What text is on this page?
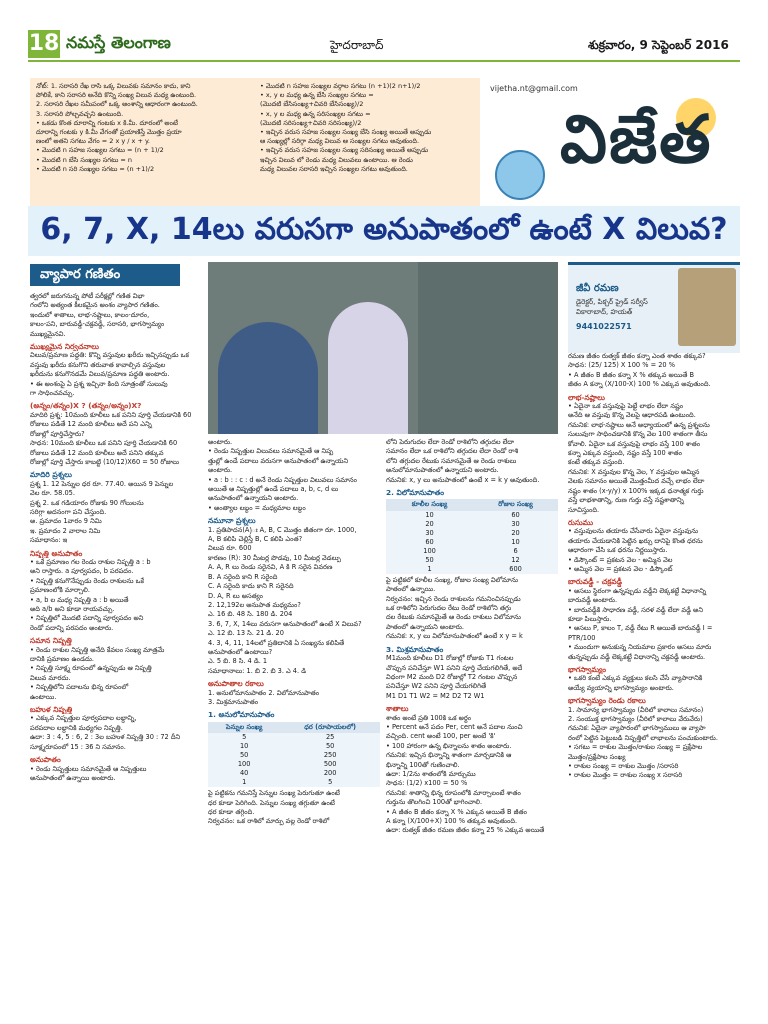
18 నమస్తే తెలంగాణ	హైదరాబాద్	శుక్రవారం, 9 సెప్టెంబర్ 2016
నోట్: 1. సరాసరి రేఖ రాసి ఒక్క విలువకు సమానం కాదు, కాని
పోలికే, కాని సరాసరి అనేది కొన్ని సంఖ్య విలువ మధ్య ఉంటుంది.
2. సరాసరి రేఖల సమీపంలో ఒక్క అంశాన్ని ఆధారంగా ఉంటుంది.
3. సరాసరి పోల్చవచ్చని ఉంటుంది.
• ఒకడు కొంత దూరాన్ని గంటకు x కి.మీ. దూరంలో అంటే
దూరాన్ని గంటకు y కి.మీ వేగంతో ప్రయాణిస్తే మొత్తం ప్రయా
ణంలో అతని సగటు వేగం = 2 x y / x + y.
• మొదటి n సహజ సంఖ్యల సగటు = (n + 1)/2
• మొదటి n బేసి సంఖ్యల సగటు = n
• మొదటి n సరి సంఖ్యల సగటు = (n +1)/2
• మొదటి n సహజ సంఖ్యల వర్గాల సగటు (n +1)(2 n+1)/2
• x, y ల మధ్య ఉన్న బేసి సంఖ్యల సగటు =
(మొదటి బేసిసంఖ్య+చివరి బేసిసంఖ్య)/2
• x, y ల మధ్య ఉన్న సరిసంఖ్యల సగటు =
(మొదటి సరిసంఖ్య+చివరి సరిసంఖ్య)/2
• ఇచ్చిన వరుస సహజ సంఖ్యల సంఖ్య బేసి సంఖ్య అయితే అప్పుడు
ఆ సంఖ్యల్లో సరిగ్గా మధ్య విలువ ఆ సంఖ్యల సగటు అవుతుంది.
• ఇచ్చిన వరుస సహజ సంఖ్యల సంఖ్య సరిసంఖ్య అయితే అప్పుడు
ఇచ్చిన విలువ లో రెండు మధ్య విలువలు ఉంటాయి. ఆ రెండు
మధ్య విలువల సరాసరి ఇచ్చిన సంఖ్యల సగటు అవుతుంది.
vijetha.nt@gmail.com
విజేత
6, 7, X, 14లు వరుసగా అనుపాతంలో ఉంటే X విలువ?
వ్యాపార గణితం
జీవీ రమణ
డైరెక్టర్, పిక్చర్ ప్రైడ్ సర్వీస్
వికారాబాద్, హయత్
9441022571
త్వరలో జరుగనున్న పోటీ పరీక్షల్లో గణిత విభా
గంలోని అత్యంత కీలకమైన అంశం వ్యాపార గణితం.
ఇందులో శాతాలు, లాభ-నష్టాలు, కాలం-దూరం,
కాలం-పని, బారువడ్డీ-చక్రవడ్డీ, సరాసరి, భాగస్వామ్యం
ముఖ్యమైనవి.
ముఖ్యమైన నిర్వచనాలు
విలువ/ప్రమాణ పద్ధతి: కొన్ని వస్తువుల ఖరీదు ఇచ్చినప్పుడు ఒక
వస్తువు ఖరీదు కనుగొని తరువాత కావాల్సిన వస్తువుల
ఖరీదును కనుగొనడమే విలువ/ప్రమాణ పద్ధతి అంటారు.
• ఈ అంశంపై ఏ ప్రశ్న ఇచ్చినా కింది సూత్రంతో సులువు
గా సాధించవచ్చు.
(అన్నం/తన్నం)X ? (తన్నం/అన్నం)X?
మాదిరి ప్రశ్న: 10మంది కూలీలు ఒక పనిని పూర్తి చేయడానికి 60
రోజులు పడితే 12 మంది కూలీలు అదే పని ఎన్ని
రోజుల్లో పూర్తిచేస్తారు?
సాధన: 10మంది కూలీలు ఒక పనిని పూర్తి చేయడానికి 60
రోజులు పడితే 12 మంది కూలీలు అదే పనిని తక్కువ
రోజుల్లో పూర్తి చేస్తారు కాబట్టి (10/12)X60 = 50 రోజులు
మాదిరి ప్రశ్నలు
ప్రశ్న 1. 12 పెన్నుల ధర రూ. 77.40. అయిన 9 పెన్నుల
వెల రూ. 58.05.
ప్రశ్న 2. ఒక గడియారం రోజుకు 90 గోలులను
సరిగ్గా అదనంగా పని చేస్తుంది.
అ. ప్రమాదం 1వారం 9 నిమి
ఇ. ప్రమాదం 2 వారాల నిమి
సమాధానం: ఇ
నిష్పత్తి అనుపాతం
• ఒకే ప్రమాణం గల రెండు రాశుల నిష్పత్తి a : b
అని రాస్తారు. a పూర్వపదం, b పరపదం.
• నిష్పత్తి కనుగొనేప్పుడు రెండు రాశులను ఒకే
ప్రమాణంలోకి మార్చాలి.
• a, b ల మధ్య నిష్పత్తి a : b అయితే
అది a/b అని కూడా రాయవచ్చు.
• నిష్పత్తిలో మొదటి పదాన్ని పూర్వపదం అని
రెండో పదాన్ని పరపదం అంటారు.
సమాన నిష్పత్తి
• రెండు రాశుల నిష్పత్తి అనేది కేవలం సంఖ్య మాత్రమే
దానికి ప్రమాణం ఉండదు.
• నిష్పత్తి సూక్ష్మ రూపంలో ఉన్నప్పుడు ఆ నిష్పత్తి
విలువ మారదు.
• నిష్పత్తిలోని పదాలను భిన్న రూపంలో
ఉంటాయి.
బహుళ నిష్పత్తి
• ఎక్కువ నిష్పత్తుల పూర్వపదాల లబ్ధాన్ని,
పరపదాల లబ్ధానికి మధ్యగల నిష్పత్తి.
ఉదా: 3 : 4, 5 : 6, 2 : 3ల బహుళ నిష్పత్తి 30 : 72 దీని
సూక్ష్మరూపంలో 15 : 36 ని సమానం.
అనుపాతం
• రెండు నిష్పత్తులు సమానమైతే ఆ నిష్పత్తులు
అనుపాతంలో ఉన్నాయి అంటారు.
అంటారు.
• రెండు నిష్పత్తుల విలువలు సమానమైతే ఆ నిష్ప
త్తుల్లో ఉండే పదాలు వరుసగా అనుపాతంలో ఉన్నాయని
అంటారు.
• a : b : : c : d అనే రెండు నిష్పత్తుల విలువలు సమానం
అయితే ఆ నిష్పత్తుల్లో ఉండే పదాలు a, b, c, d లు
అనుపాతంలో ఉన్నాయని అంటారు.
• అంత్యాల లబ్ధం = మధ్యమాల లబ్ధం
నమూనా ప్రశ్నలు
1. ప్రతిపాదన(A)ః A, B, C మొత్తం జీతంగా రూ. 1000,
A, B కలిపి చెల్లిస్తే B, C కలిపి ఎంత?
విలువ రూ. 600
కారణం (R): 30 మీటర్ల పొడవు, 10 మీటర్ల వెడల్పు
A. A, R లు రెండు సరైనవి, A కి R సరైన వివరణ
B. A సరైంది కాని R సరైంది
C. A సరైంది కాదు కాని R సరైనది
D. A, R లు అసత్యం
2. 12,192ల అనుపాత మధ్యమం?
ఎ. 16 బి. 48 సి. 180 డి. 204
3. 6, 7, X, 14లు వరుసగా అనుపాతంలో ఉంటే X విలువ?
ఎ. 12 బి. 13 సి. 21 డి. 20
4. 3, 4, 11, 14లలో ప్రతిదానికి ఏ సంఖ్యను కలిపితే
అనుపాతంలో ఉంటాయి?
ఎ. 5 బి. 8 సి. 4 డి. 1
సమాధానాలు: 1. బి 2. బి 3. ఎ 4. డి
అనుపాతాల రకాలు
1. అనులోమానుపాతం 2. విలోమానుపాతం
3. మిశ్రమానుపాతం
1. అనులోమానుపాతం
పెన్నుల సంఖ్య	ధర (రూపాయలలో)
5	25
10	50
50	250
100	500
40	200
1	5
పై పట్టికను గమనిస్తే పెన్నుల సంఖ్య పెరుగుతూ ఉంటే
ధర కూడా పెరిగింది. పెన్నుల సంఖ్య తగ్గుతూ ఉంటే
ధర కూడా తగ్గింది.
నిర్వచనం: ఒక రాశిలో మార్పు వల్ల రెండో రాశిలో
లోని పెరుగుదల లేదా రెండో రాశిలోని తగ్గుదల లేదా
సమానం లేదా ఒక రాశిలోని తగ్గుదల లేదా రెండో రాశి
లోని తగ్గుదల రేటుకు సమానమైతే ఆ రెండు రాశులు
అనులోమానుపాతంలో ఉన్నాయని అంటారు.
గమనిక: x, y లు అనుపాతంలో ఉంటే x = k y అవుతుంది.
2. విలోమానుపాతం
కూలీల సంఖ్య	రోజుల సంఖ్య
10	60
20	30
30	20
60	10
100	6
50	12
1	600
పై పట్టికలో కూలీల సంఖ్య, రోజుల సంఖ్య విలోమాను
పాతంలో ఉన్నాయి.
నిర్వచనం: ఇచ్చిన రెండు రాశులను గమనించినప్పుడు
ఒక రాశిలోని పెరుగుదల రేటు రెండో రాశిలోని తగ్గు
దల రేటుకు సమానమైతే ఆ రెండు రాశులు విలోమాను
పాతంలో ఉన్నాయని అంటారు.
గమనిక: x, y లు విలోమానుపాతంలో ఉంటే x y = k
3. మిశ్రమానుపాతం
M1మంది కూలీలు D1 రోజుల్లో రోజుకు T1 గంటల
చొప్పున పనిచేస్తూ W1 పనిని పూర్తి చేయగలిగితే, అదే
విధంగా M2 మంది D2 రోజుల్లో T2 గంటల చొప్పున
పనిచేస్తూ W2 పనిని పూర్తి చేయగలిగితే
M1 D1 T1 W2 = M2 D2 T2 W1
శాతాలు
శాతం అంటే ప్రతి 100కి ఒక అర్థం
• Percent అనే పదం Per, cent అనే పదాల నుంచి
వచ్చింది. cent అంటే 100, per అంటే 'కి'
• 100 హారంగా ఉన్న భిన్నాలను శాతం అంటారు.
గమనిక: ఇచ్చిన భిన్నాన్ని శాతంగా మార్చడానికి ఆ
భిన్నాన్ని 100తో గుణించాలి.
ఉదా: 1/2ను శాతంలోకి మార్చుము
సాధన: (1/2) x100 = 50 %
గమనిక: శాతాన్ని భిన్న రూపంలోకి మార్చాలంటే శాతం
గుర్తును తొలగించి 100తో భాగించాలి.
• A జీతం B జీతం కన్నా X % ఎక్కువ అయితే B జీతం
A కన్నా (X/100+X) 100 % తక్కువ అవుతుంది.
ఉదా: రుత్వక్ జీతం రమణ జీతం కన్నా 25 % ఎక్కువ అయితే
రమణ జీతం రుత్వక్ జీతం కన్నా ఎంత శాతం తక్కువ?
సాధన: (25/ 125) X 100 % = 20 %
• A జీతం B జీతం కన్నా X % తక్కువ అయితే B
జీతం A కన్నా (X/100-X) 100 % ఎక్కువ అవుతుంది.
లాభ-నష్టాలు
• ఏదైనా ఒక వస్తువుపై పెట్టే లాభం లేదా నష్టం
అనేది ఆ వస్తువు కొన్న వెలపై ఆధారపడి ఉంటుంది.
గమనిక: లాభ-నష్టాలు అనే అధ్యాయంలో ఉన్న ప్రశ్నలను
సులువుగా సాధించడానికి కొన్న వెల 100 శాతంగా తీసు
కోవాలి. ఏదైనా ఒక వస్తువుపై లాభం వస్తే 100 శాతం
కన్నా ఎక్కువ వస్తుంది, నష్టం వస్తే 100 శాతం
కంటే తక్కువ వస్తుంది.
గమనిక: X వస్తువుల కొన్న వెల, Y వస్తువుల అమ్మిన
వెలకు సమానం అయితే మొత్తంమీద వచ్చే లాభం లేదా
నష్టం శాతం (x-y/y) x 100% ఇక్కడ ధనాత్మక గుర్తు
వస్తే లాభశాతాన్ని, రుణ గుర్తు వస్తే నష్టశాతాన్ని
సూచిస్తుంది.
రుసుము
• వస్తువులను తయారు చేసేవారు ఏదైనా వస్తువును
తయారు చేయడానికి పెట్టిన ఖర్చు దానిపై కొంత ధరను
ఆధారంగా చేసి ఒక ధరను నిర్ణయిస్తారు.
• డిస్కౌంట్ = ప్రకటన వెల - అమ్మిన వెల
• అమ్మిన వెల = ప్రకటన వెల - డిస్కౌంట్
బారువడ్డీ - చక్రవడ్డీ
• అసలు స్థిరంగా ఉన్నప్పుడు వడ్డీని లెక్కకట్టే విధానాన్ని
బారువడ్డీ అంటారు.
• బారువడ్డీకి సాధారణ వడ్డీ, సరళ వడ్డీ లేదా వడ్డీ అని
కూడా పిలుస్తారు.
• అసలు P, కాలం T, వడ్డీ రేటు R అయితే బారువడ్డీ I =
PTR/100
• ముందుగా అనుకున్న నియమాల ప్రకారం అసలు మారు
తున్నప్పుడు వడ్డీ లెక్కకట్టే విధానాన్ని చక్రవడ్డీ అంటారు.
భాగస్వామ్యం
• ఒకరి కంటే ఎక్కువ వ్యక్తులు కలసి చేసే వ్యాపారానికి
అయ్యే వ్యయాన్ని భాగస్వామ్యం అంటారు.
భాగస్వామ్యం రెండు రకాలు
1. సామాన్య భాగస్వామ్యం (వీరిలో కాలాలు సమానం)
2. సంయుక్త భాగస్వామ్యం (వీరిలో కాలాలు వేరువేరు)
గమనిక: ఏదైనా వ్యాపారంలో భాగస్వాములు ఆ వ్యాపా
రంలో పెట్టిన పెట్టుబడి నిష్పత్తిలో లాభాలను పంచుకుంటారు.
• సగటు = రాశుల మొత్తం/రాశుల సంఖ్య = ప్రక్షేపాల
మొత్తం/ప్రక్షేపాల సంఖ్య
• రాశుల సంఖ్య = రాశుల మొత్తం /సరాసరి
• రాశుల మొత్తం = రాశుల సంఖ్య x సరాసరి
